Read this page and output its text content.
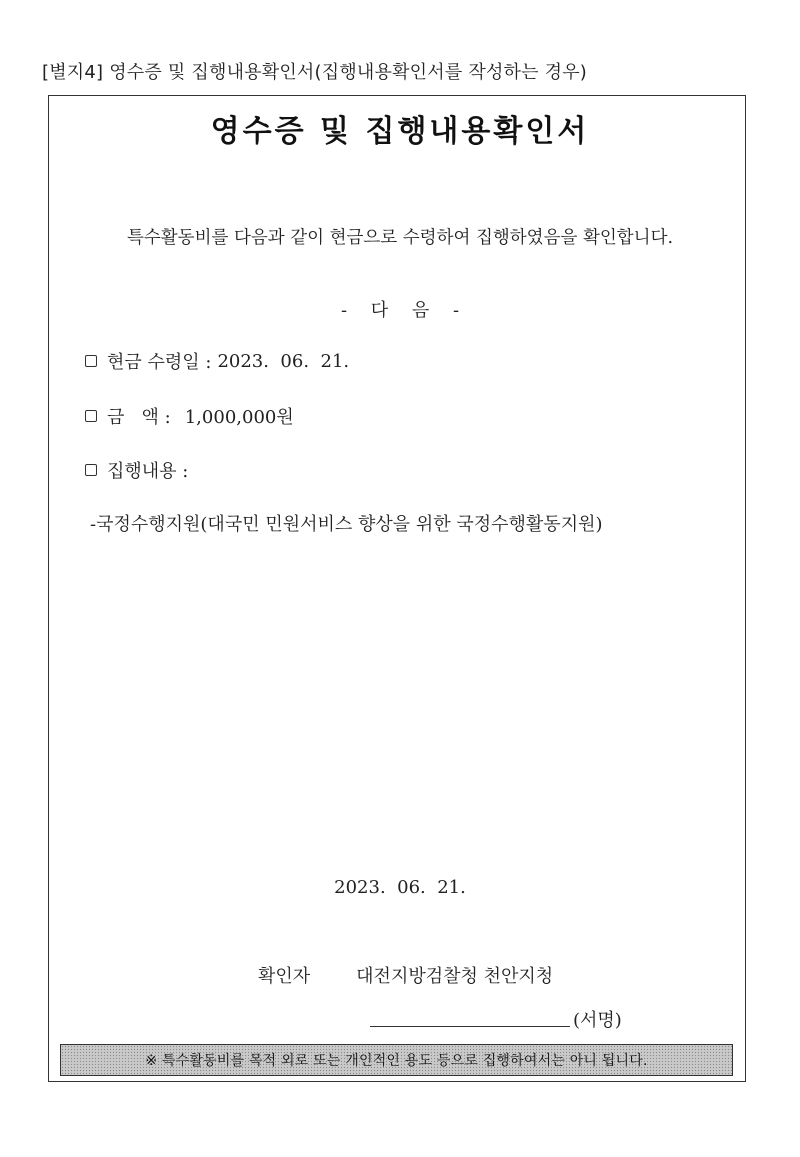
[별지4] 영수증 및 집행내용확인서(집행내용확인서를 작성하는 경우)
영수증 및 집행내용확인서
특수활동비를 다음과 같이 현금으로 수령하여 집행하였음을 확인합니다.
- 다 음 -
현금 수령일 : 2023.  06.  21.
금   액 : 1,000,000원
집행내용 :
-국정수행지원(대국민 민원서비스 향상을 위한 국정수행활동지원)
2023.  06.  21.
확인자	대전지방검찰청 천안지청
(서명)
※ 특수활동비를 목적 외로 또는 개인적인 용도 등으로 집행하여서는 아니 됩니다.
